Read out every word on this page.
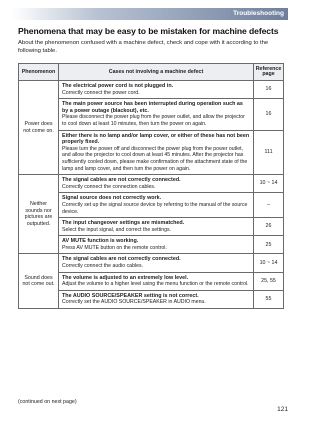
Troubleshooting
Phenomena that may be easy to be mistaken for machine defects
About the phenomenon confused with a machine defect, check and cope with it according to the following table.
Phenomenon	Cases not involving a machine defect	Reference page
Power does not come on.	The electrical power cord is not plugged in.
Correctly connect the power cord.	16

	The main power source has been interrupted during operation such as by a power outage (blackout), etc.
Please disconnect the power plug from the power outlet, and allow the projector to cool down at least 10 minutes, then turn the power on again.	16

	Either there is no lamp and/or lamp cover, or either of these has not been properly fixed.
Please turn the power off and disconnect the power plug from the power outlet, and allow the projector to cool down at least 45 minutes. After the projector has sufficiently cooled down, please make confirmation of the attachment state of the lamp and lamp cover, and then turn the power on again.	111
Neither sounds nor pictures are outputted.	The signal cables are not correctly connected.
Correctly connect the connection cables.	10 ~ 14

	Signal source does not correctly work.
Correctly set up the signal source device by referring to the manual of the source device.	–

	The input changeover settings are mismatched.
Select the input signal, and correct the settings.	26

	AV MUTE function is working.
Press AV MUTE button on the remote control.	25
Sound does not come out.	The signal cables are not correctly connected.
Correctly connect the audio cables.	10 ~ 14

	The volume is adjusted to an extremely low level.
Adjust the volume to a higher level using the menu function or the remote control.	25, 55

	The AUDIO SOURCE/SPEAKER setting is not correct.
Correctly set the AUDIO SOURCE/SPEAKER in AUDIO menu.	55
(continued on next page)
121
